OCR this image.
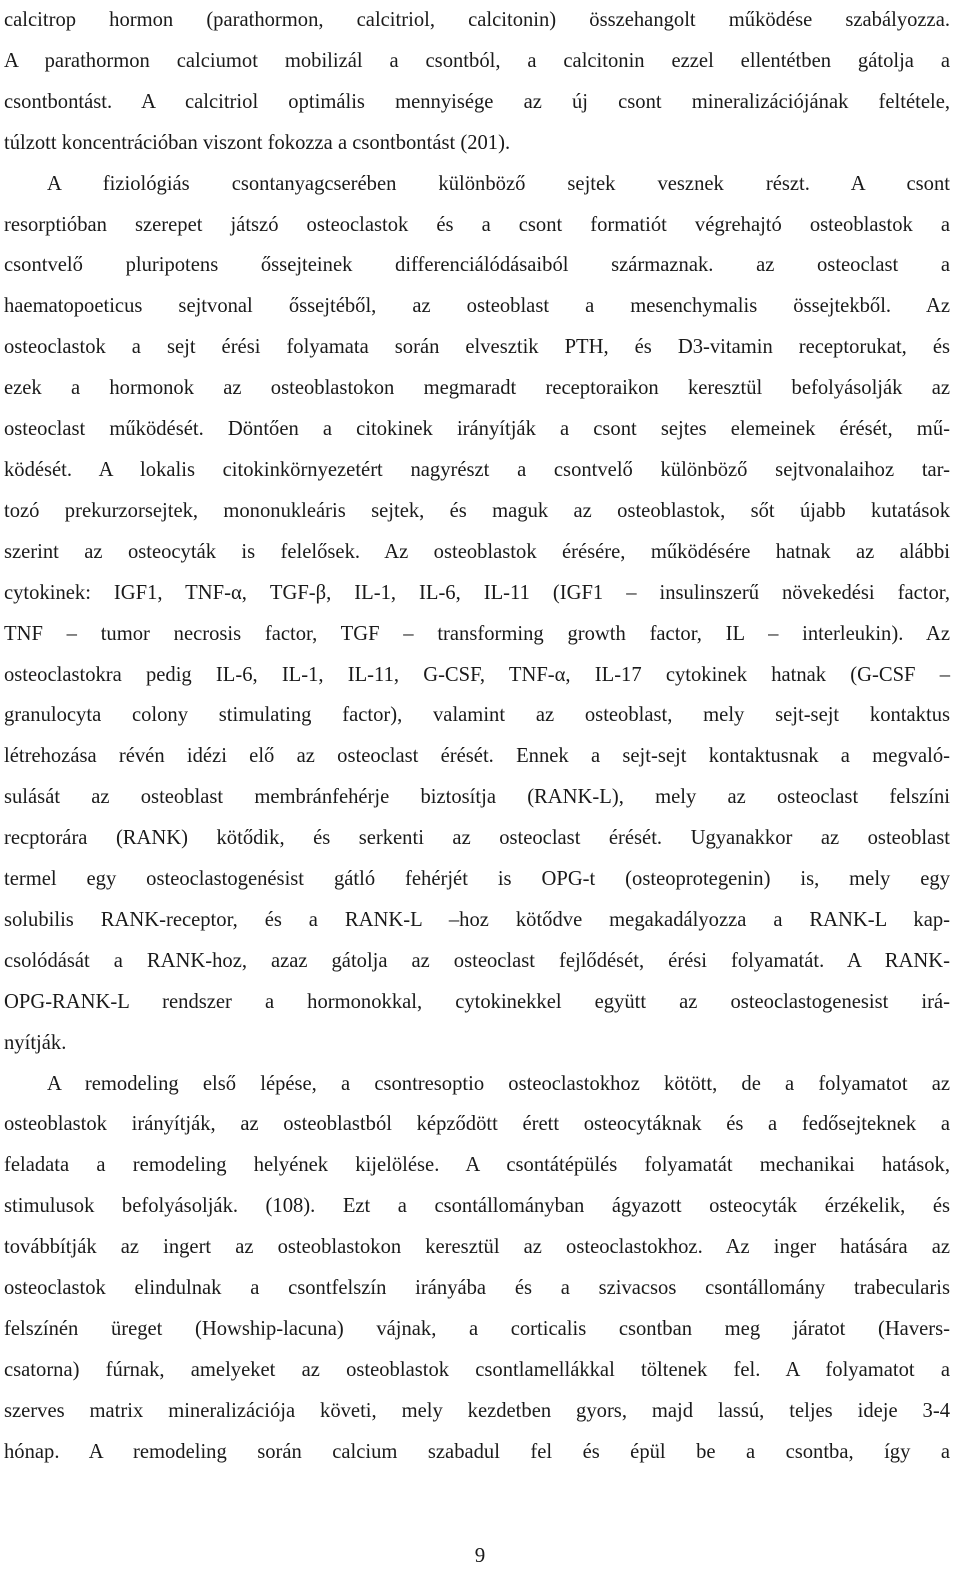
calcitrop hormon (parathormon, calcitriol, calcitonin) összehangolt működése szabályozza.

A parathormon calciumot mobilizál a csontból, a calcitonin ezzel ellentétben gátolja a

csontbontást. A calcitriol optimális mennyisége az új csont mineralizációjának feltétele,

túlzott koncentrációban viszont fokozza a csontbontást (201).

A fiziológiás csontanyagcserében különböző sejtek vesznek részt. A csont

resorptióban szerepet játszó osteoclastok és a csont formatiót végrehajtó osteoblastok a

csontvelő pluripotens őssejteinek differenciálódásaiból származnak. az osteoclast a

haematopoeticus sejtvonal őssejtéből, az osteoblast a mesenchymalis össejtekből. Az

osteoclastok a sejt érési folyamata során elvesztik PTH, és D3-vitamin receptorukat, és

ezek a hormonok az osteoblastokon megmaradt receptoraikon keresztül befolyásolják az

osteoclast működését. Döntően a citokinek irányítják a csont sejtes elemeinek érését, mű-

ködését. A lokalis citokinkörnyezetért nagyrészt a csontvelő különböző sejtvonalaihoz tar-

tozó prekurzorsejtek, mononukleáris sejtek, és maguk az osteoblastok, sőt újabb kutatások

szerint az osteocyták is felelősek. Az osteoblastok érésére, működésére hatnak az alábbi

cytokinek: IGF1, TNF-α, TGF-β, IL-1, IL-6, IL-11 (IGF1 – insulinszerű növekedési factor,

TNF – tumor necrosis factor, TGF – transforming growth factor, IL – interleukin). Az

osteoclastokra pedig IL-6, IL-1, IL-11, G-CSF, TNF-α, IL-17 cytokinek hatnak (G-CSF –

granulocyta colony stimulating factor), valamint az osteoblast, mely sejt-sejt kontaktus

létrehozása révén idézi elő az osteoclast érését. Ennek a sejt-sejt kontaktusnak a megvaló-

sulását az osteoblast membránfehérje biztosítja (RANK-L), mely az osteoclast felszíni

recptorára (RANK) kötődik, és serkenti az osteoclast érését. Ugyanakkor az osteoblast

termel egy osteoclastogenésist gátló fehérjét is OPG-t (osteoprotegenin) is, mely egy

solubilis RANK-receptor, és a RANK-L –hoz kötődve megakadályozza a RANK-L kap-

csolódását a RANK-hoz, azaz gátolja az osteoclast fejlődését, érési folyamatát. A RANK-

OPG-RANK-L rendszer a hormonokkal, cytokinekkel együtt az osteoclastogenesist irá-

nyítják.

A remodeling első lépése, a csontresoptio osteoclastokhoz kötött, de a folyamatot az

osteoblastok irányítják, az osteoblastból képződött érett osteocytáknak és a fedősejteknek a

feladata a remodeling helyének kijelölése. A csontátépülés folyamatát mechanikai hatások,

stimulusok befolyásolják. (108). Ezt a csontállományban ágyazott osteocyták érzékelik, és

továbbítják az ingert az osteoblastokon keresztül az osteoclastokhoz. Az inger hatására az

osteoclastok elindulnak a csontfelszín irányába és a szivacsos csontállomány trabecularis

felszínén üreget (Howship-lacuna) vájnak, a corticalis csontban meg járatot (Havers-

csatorna) fúrnak, amelyeket az osteoblastok csontlamellákkal töltenek fel. A folyamatot a

szerves matrix mineralizációja követi, mely kezdetben gyors, majd lassú, teljes ideje 3-4

hónap. A remodeling során calcium szabadul fel és épül be a csontba, így a

9
